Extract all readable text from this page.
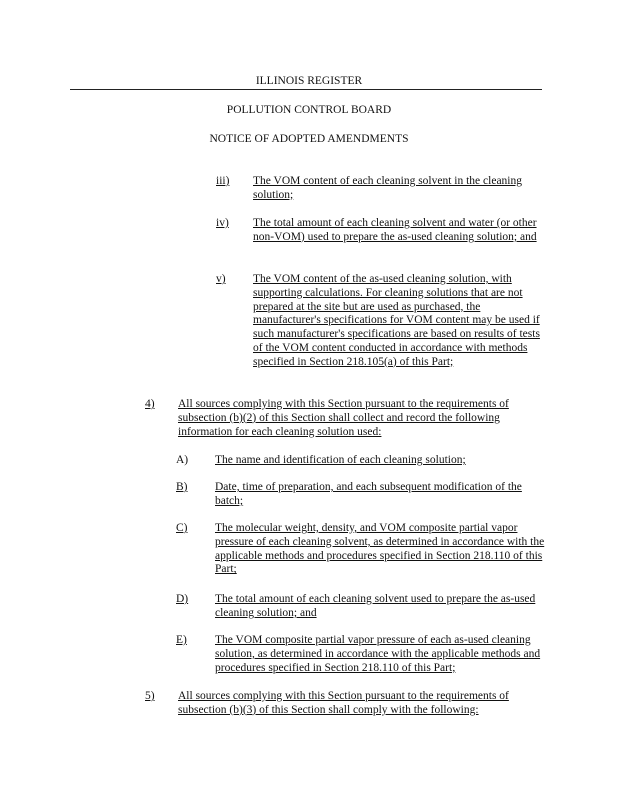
ILLINOIS REGISTER
POLLUTION CONTROL BOARD
NOTICE OF ADOPTED AMENDMENTS
iii) The VOM content of each cleaning solvent in the cleaning solution;
iv) The total amount of each cleaning solvent and water (or other non-VOM) used to prepare the as-used cleaning solution; and
v) The VOM content of the as-used cleaning solution, with supporting calculations. For cleaning solutions that are not prepared at the site but are used as purchased, the manufacturer's specifications for VOM content may be used if such manufacturer's specifications are based on results of tests of the VOM content conducted in accordance with methods specified in Section 218.105(a) of this Part;
4) All sources complying with this Section pursuant to the requirements of subsection (b)(2) of this Section shall collect and record the following information for each cleaning solution used:
A) The name and identification of each cleaning solution;
B) Date, time of preparation, and each subsequent modification of the batch;
C) The molecular weight, density, and VOM composite partial vapor pressure of each cleaning solvent, as determined in accordance with the applicable methods and procedures specified in Section 218.110 of this Part;
D) The total amount of each cleaning solvent used to prepare the as-used cleaning solution; and
E) The VOM composite partial vapor pressure of each as-used cleaning solution, as determined in accordance with the applicable methods and procedures specified in Section 218.110 of this Part;
5) All sources complying with this Section pursuant to the requirements of subsection (b)(3) of this Section shall comply with the following:
